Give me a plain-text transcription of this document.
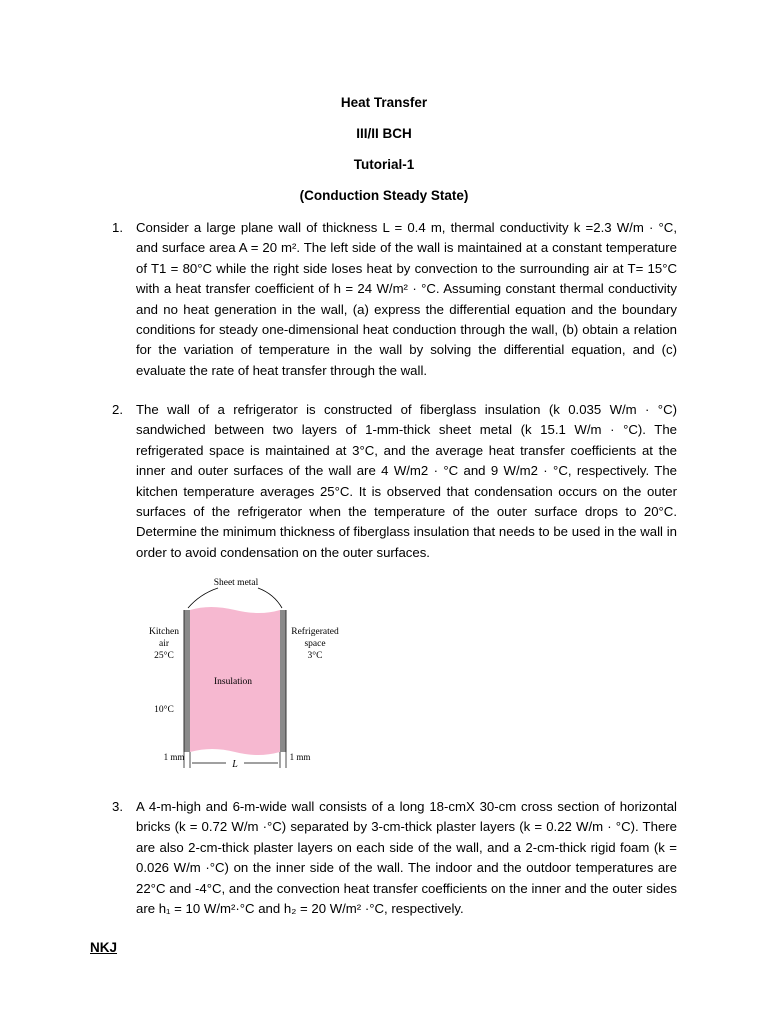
Heat Transfer
III/II BCH
Tutorial-1
(Conduction Steady State)
1. Consider a large plane wall of thickness L = 0.4 m, thermal conductivity k =2.3 W/m · °C, and surface area A = 20 m². The left side of the wall is maintained at a constant temperature of T1 = 80°C while the right side loses heat by convection to the surrounding air at T= 15°C with a heat transfer coefficient of h = 24 W/m² · °C. Assuming constant thermal conductivity and no heat generation in the wall, (a) express the differential equation and the boundary conditions for steady one-dimensional heat conduction through the wall, (b) obtain a relation for the variation of temperature in the wall by solving the differential equation, and (c) evaluate the rate of heat transfer through the wall.
2. The wall of a refrigerator is constructed of fiberglass insulation (k 0.035 W/m · °C) sandwiched between two layers of 1-mm-thick sheet metal (k 15.1 W/m · °C). The refrigerated space is maintained at 3°C, and the average heat transfer coefficients at the inner and outer surfaces of the wall are 4 W/m2 · °C and 9 W/m2 · °C, respectively. The kitchen temperature averages 25°C. It is observed that condensation occurs on the outer surfaces of the refrigerator when the temperature of the outer surface drops to 20°C. Determine the minimum thickness of fiberglass insulation that needs to be used in the wall in order to avoid condensation on the outer surfaces.
Sheet metal
Kitchen
air
25°C
Refrigerated
space
3°C
Insulation
10°C
1 mm
L
1 mm
3. A 4-m-high and 6-m-wide wall consists of a long 18-cmX 30-cm cross section of horizontal bricks (k = 0.72 W/m ·°C) separated by 3-cm-thick plaster layers (k = 0.22 W/m · °C). There are also 2-cm-thick plaster layers on each side of the wall, and a 2-cm-thick rigid foam (k = 0.026 W/m ·°C) on the inner side of the wall. The indoor and the outdoor temperatures are 22°C and -4°C, and the convection heat transfer coefficients on the inner and the outer sides are h₁ = 10 W/m²·°C and h₂ = 20 W/m² ·°C, respectively.
NKJ
